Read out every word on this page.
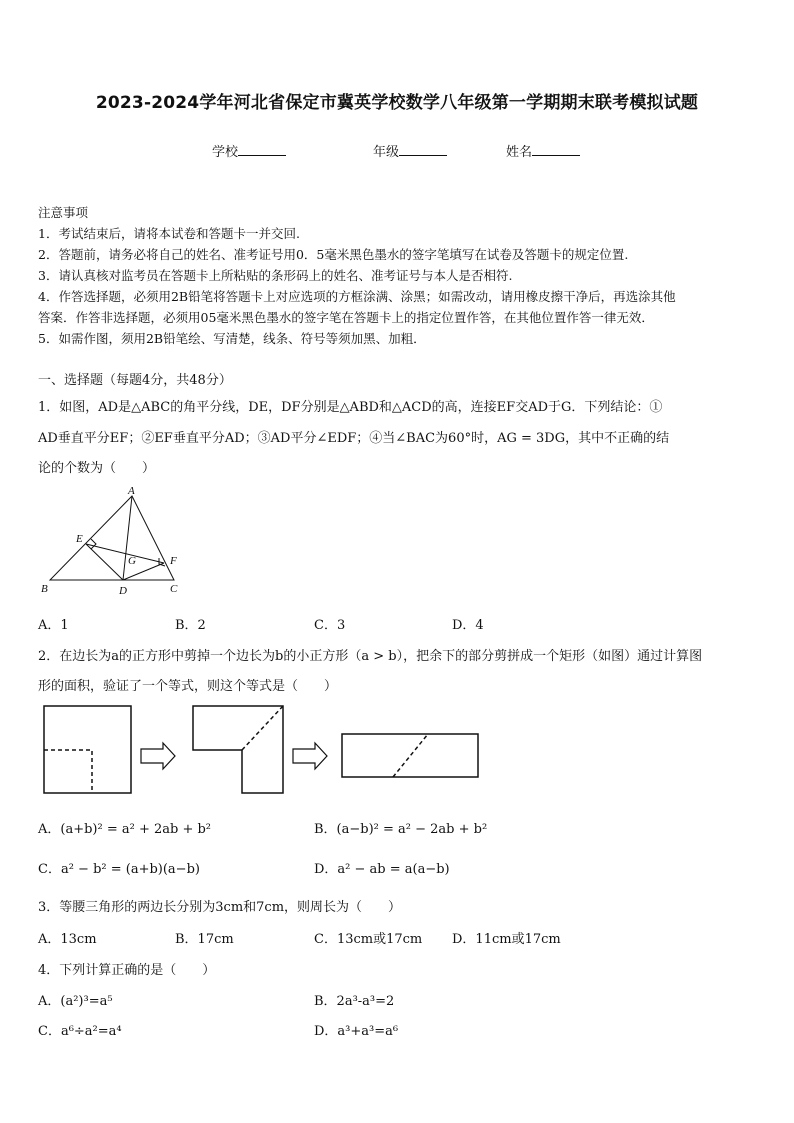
2023-2024学年河北省保定市冀英学校数学八年级第一学期期末联考模拟试题
学校	年级	姓名
注意事项
1．考试结束后，请将本试卷和答题卡一并交回.
2．答题前，请务必将自己的姓名、准考证号用0．5毫米黑色墨水的签字笔填写在试卷及答题卡的规定位置.
3．请认真核对监考员在答题卡上所粘贴的条形码上的姓名、准考证号与本人是否相符.
4．作答选择题，必须用2B铅笔将答题卡上对应选项的方框涂满、涂黑；如需改动，请用橡皮擦干净后，再选涂其他
答案．作答非选择题，必须用05毫米黑色墨水的签字笔在答题卡上的指定位置作答，在其他位置作答一律无效．
5．如需作图，须用2B铅笔绘、写清楚，线条、符号等须加黑、加粗．
一、选择题（每题4分，共48分）
1．如图，AD是△ABC的角平分线，DE，DF分别是△ABD和△ACD的高，连接EF交AD于G．下列结论：①
AD垂直平分EF；②EF垂直平分AD；③AD平分∠EDF；④当∠BAC为60°时，AG = 3DG，其中不正确的结
论的个数为（　　）
A
E
G	F
B	D	C
A．1	B．2	C．3	D．4
2．在边长为a的正方形中剪掉一个边长为b的小正方形（a > b），把余下的部分剪拼成一个矩形（如图）通过计算图
形的面积，验证了一个等式，则这个等式是（　　）
A．(a+b)² = a² + 2ab + b²	B．(a−b)² = a² − 2ab + b²
C．a² − b² = (a+b)(a−b)	D．a² − ab = a(a−b)
3．等腰三角形的两边长分别为3cm和7cm，则周长为（　　）
A．13cm	B．17cm	C．13cm或17cm D．11cm或17cm
4．下列计算正确的是（　　）
A．(a²)³=a⁵	B．2a³-a³=2
C．a⁶÷a²=a⁴	D．a³+a³=a⁶
